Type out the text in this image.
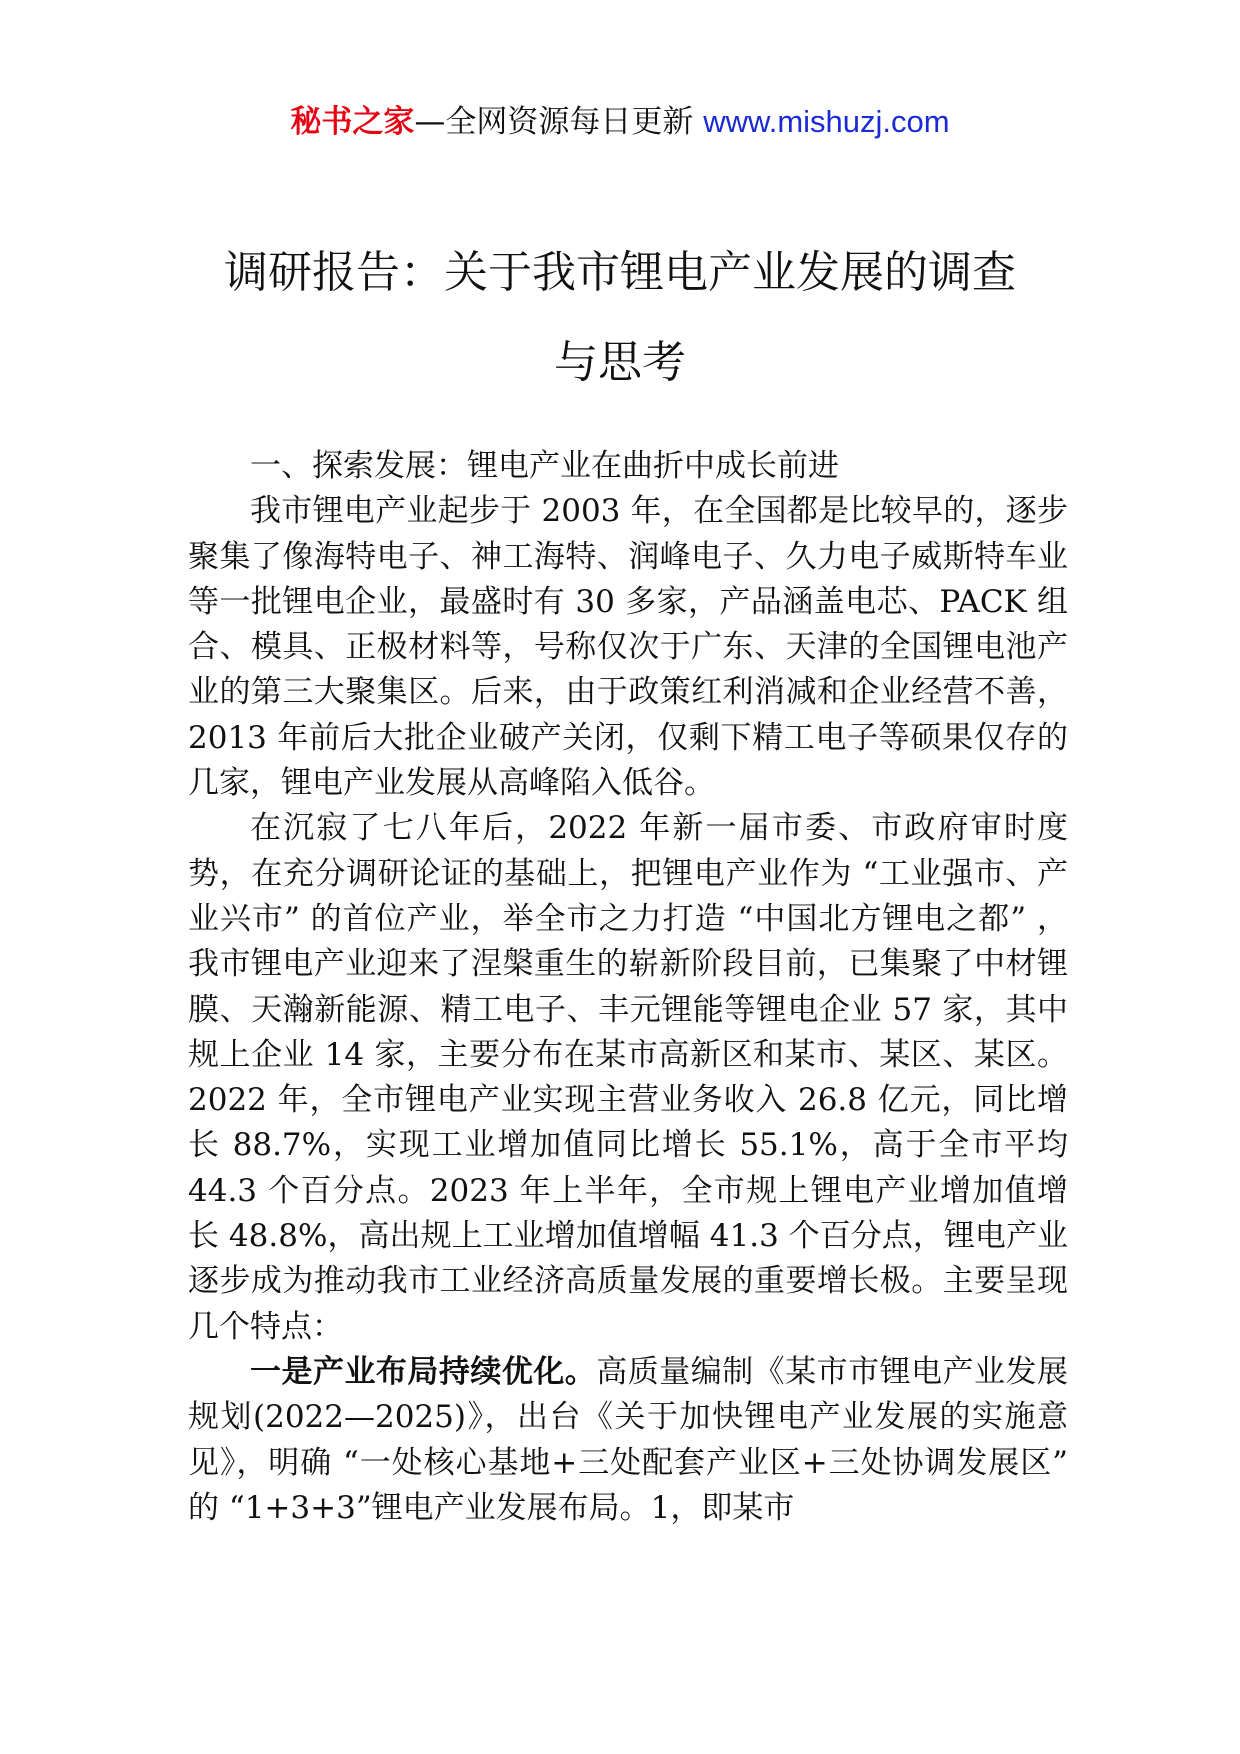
秘书之家—全网资源每日更新 www.mishuzj.com
调研报告：关于我市锂电产业发展的调查
与思考

一、探索发展：锂电产业在曲折中成长前进

我市锂电产业起步于 2003 年，在全国都是比较早的，逐步聚集了像海特电子、神工海特、润峰电子、久力电子威斯特车业等一批锂电企业，最盛时有 30 多家，产品涵盖电芯、PACK 组合、模具、正极材料等，号称仅次于广东、天津的全国锂电池产业的第三大聚集区。后来，由于政策红利消减和企业经营不善，2013 年前后大批企业破产关闭，仅剩下精工电子等硕果仅存的几家，锂电产业发展从高峰陷入低谷。

在沉寂了七八年后，2022 年新一届市委、市政府审时度势，在充分调研论证的基础上，把锂电产业作为 “工业强市、产业兴市” 的首位产业，举全市之力打造 “中国北方锂电之都” ，我市锂电产业迎来了涅槃重生的崭新阶段目前，已集聚了中材锂膜、天瀚新能源、精工电子、丰元锂能等锂电企业 57 家，其中规上企业 14 家，主要分布在某市高新区和某市、某区、某区。2022 年，全市锂电产业实现主营业务收入 26.8 亿元，同比增长 88.7%，实现工业增加值同比增长 55.1%，高于全市平均 44.3 个百分点。2023 年上半年，全市规上锂电产业增加值增长 48.8%，高出规上工业增加值增幅 41.3 个百分点，锂电产业逐步成为推动我市工业经济高质量发展的重要增长极。主要呈现几个特点：

一是产业布局持续优化。高质量编制《某市市锂电产业发展规划(2022—2025)》，出台《关于加快锂电产业发展的实施意见》，明确 “一处核心基地+三处配套产业区+三处协调发展区” 的 “1+3+3”锂电产业发展布局。1，即某市
